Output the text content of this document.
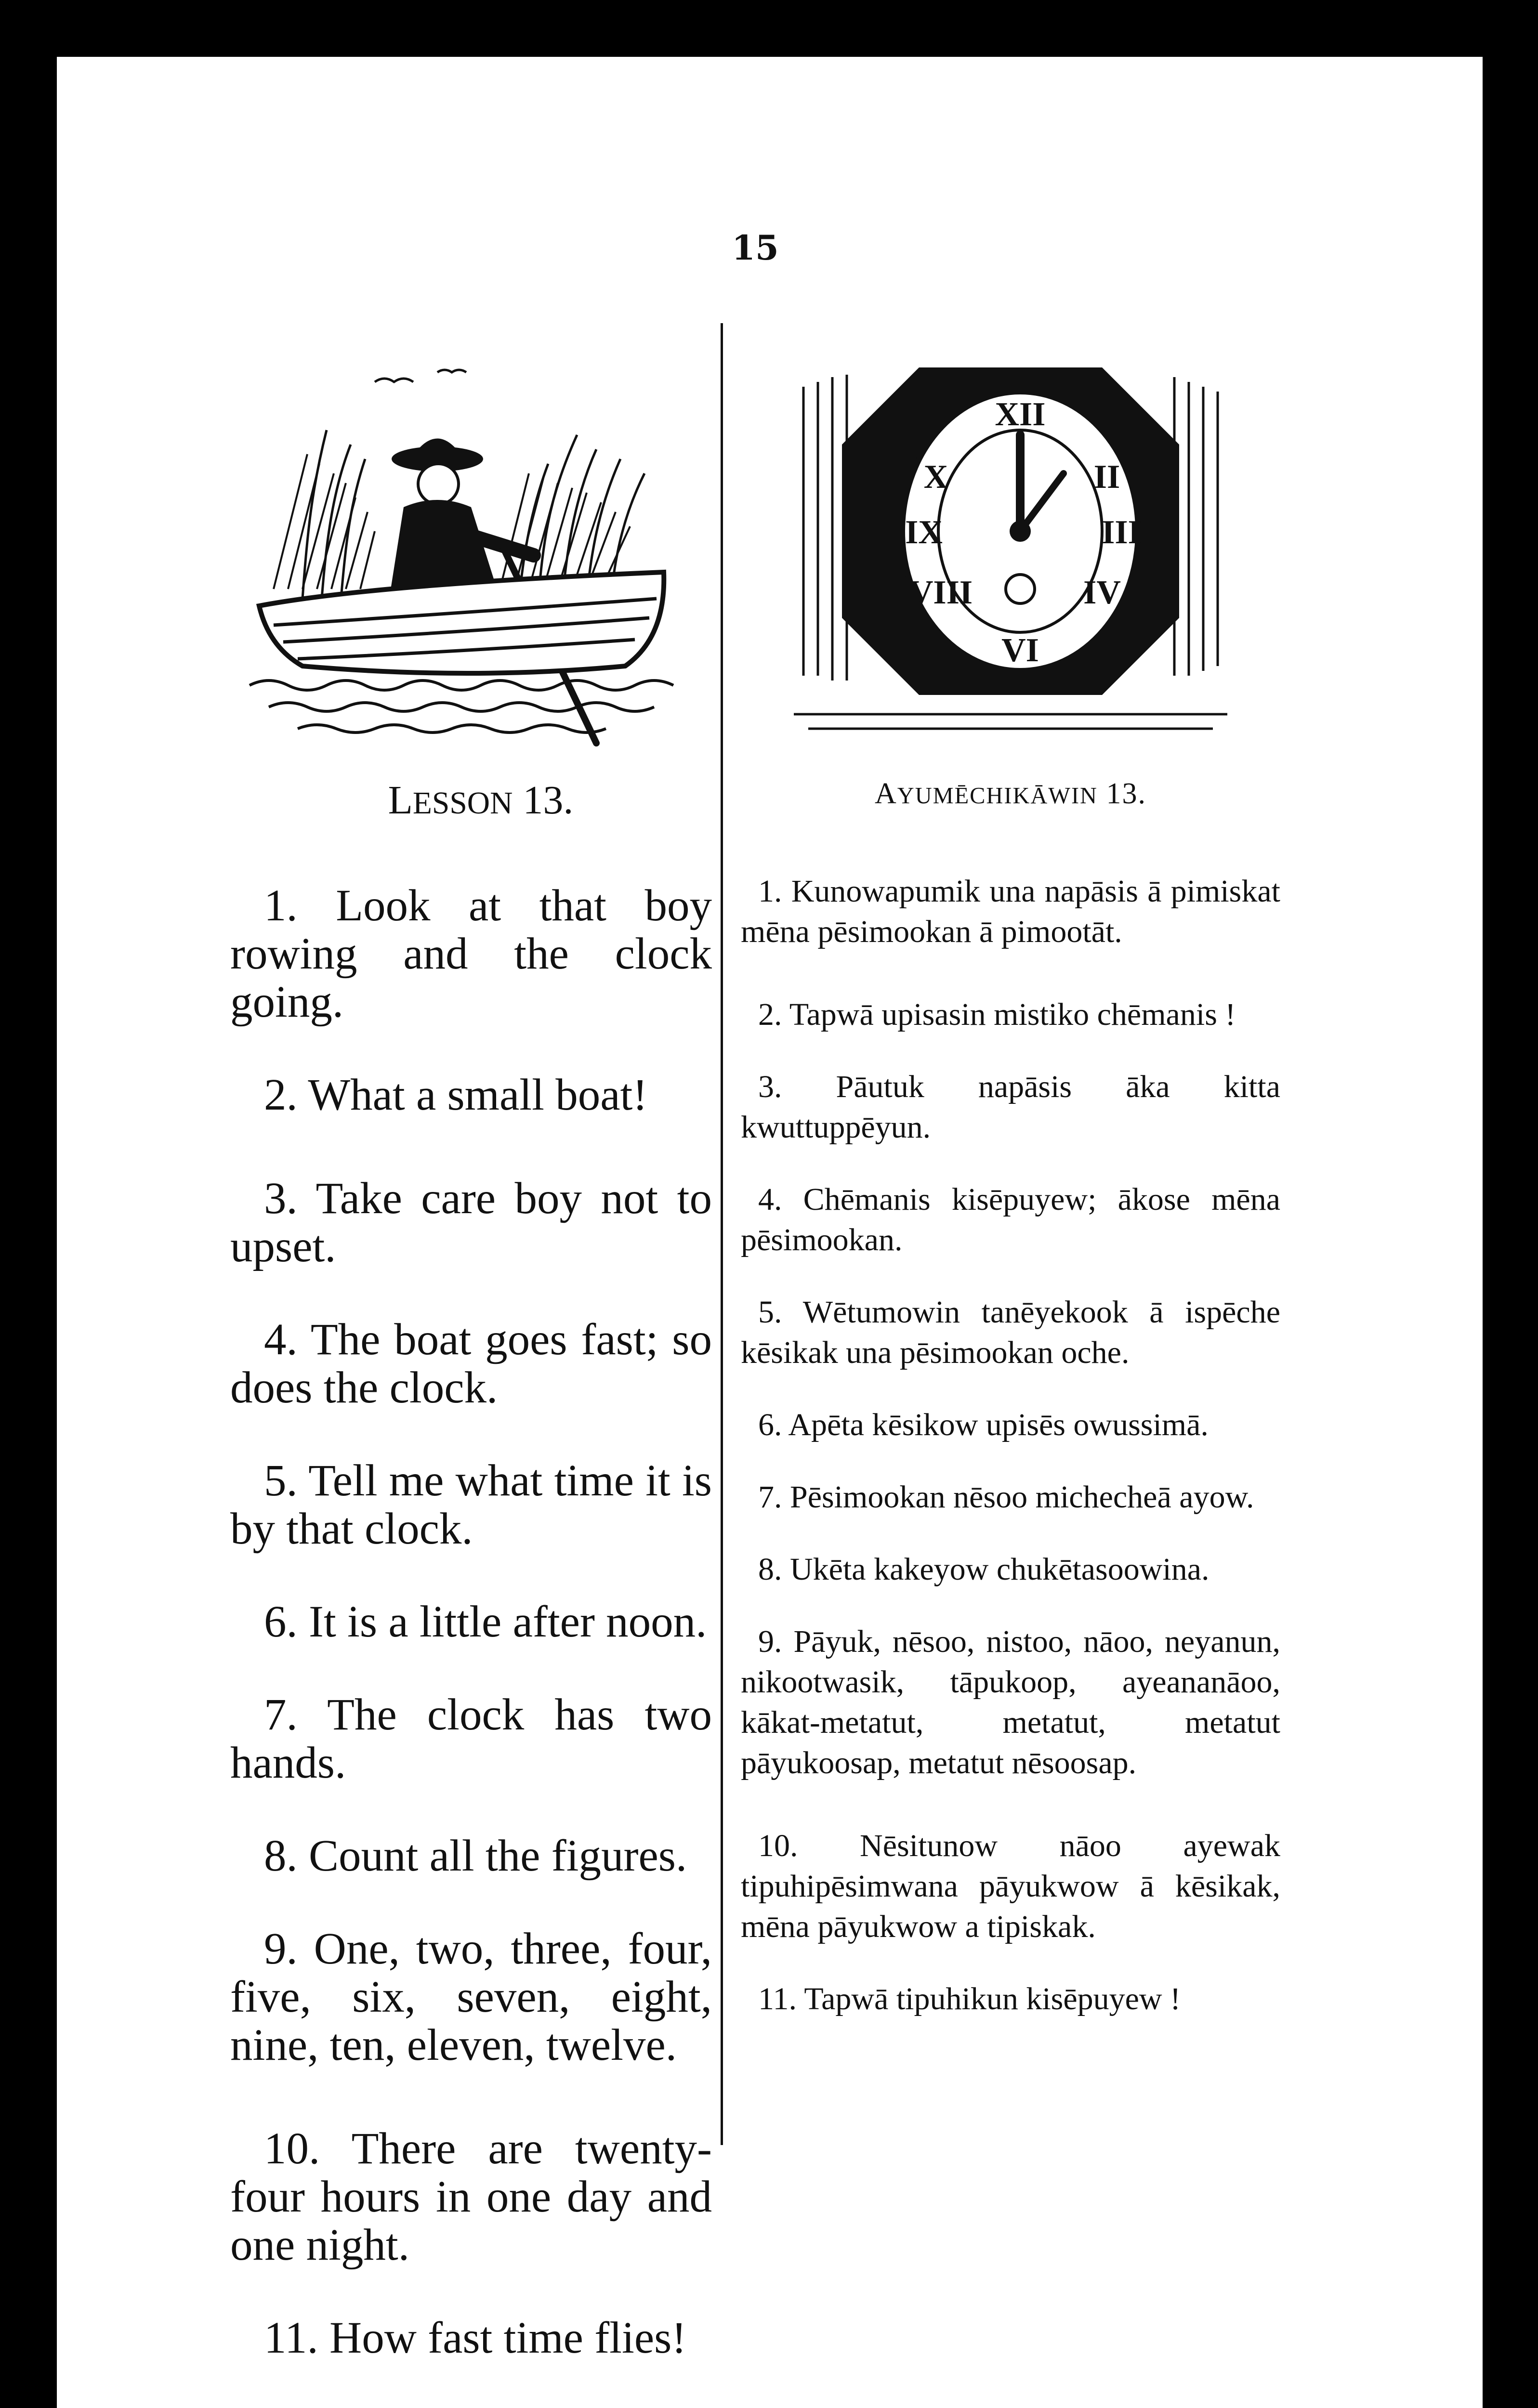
15
LESSON 13.

1. Look at that boy rowing and the clock going.

2. What a small boat!

3. Take care boy not to upset.

4. The boat goes fast; so does the clock.

5. Tell me what time it is by that clock.

6. It is a little after noon.

7. The clock has two hands.

8. Count all the figures.

9. One, two, three, four, five, six, seven, eight, nine, ten, eleven, twelve.

10. There are twenty-four hours in one day and one night.

11. How fast time flies!

XII
II
III
IV
VI
VIII
IX
X
AYUMĒCHIKĀWIN 13.

1. Kunowapumik una napāsis ā pimiskat mēna pēsimookan ā pimootāt.

2. Tapwā upisasin mistiko chēmanis !

3. Pāutuk napāsis āka kitta kwuttuppēyun.

4. Chēmanis kisēpuyew; ākose mēna pēsimookan.

5. Wētumowin tanēyekook ā ispēche kēsikak una pēsimookan oche.

6. Apēta kēsikow upisēs owussimā.

7. Pēsimookan nēsoo michecheā ayow.

8. Ukēta kakeyow chukētasoowina.

9. Pāyuk, nēsoo, nistoo, nāoo, neyanun, nikootwasik, tāpukoop, ayeananāoo, kākat-metatut, metatut, metatut pāyukoosap, metatut nēsoosap.

10. Nēsitunow nāoo ayewak tipuhipēsimwana pāyukwow ā kēsikak, mēna pāyukwow a tipiskak.

11. Tapwā tipuhikun kisēpuyew !
